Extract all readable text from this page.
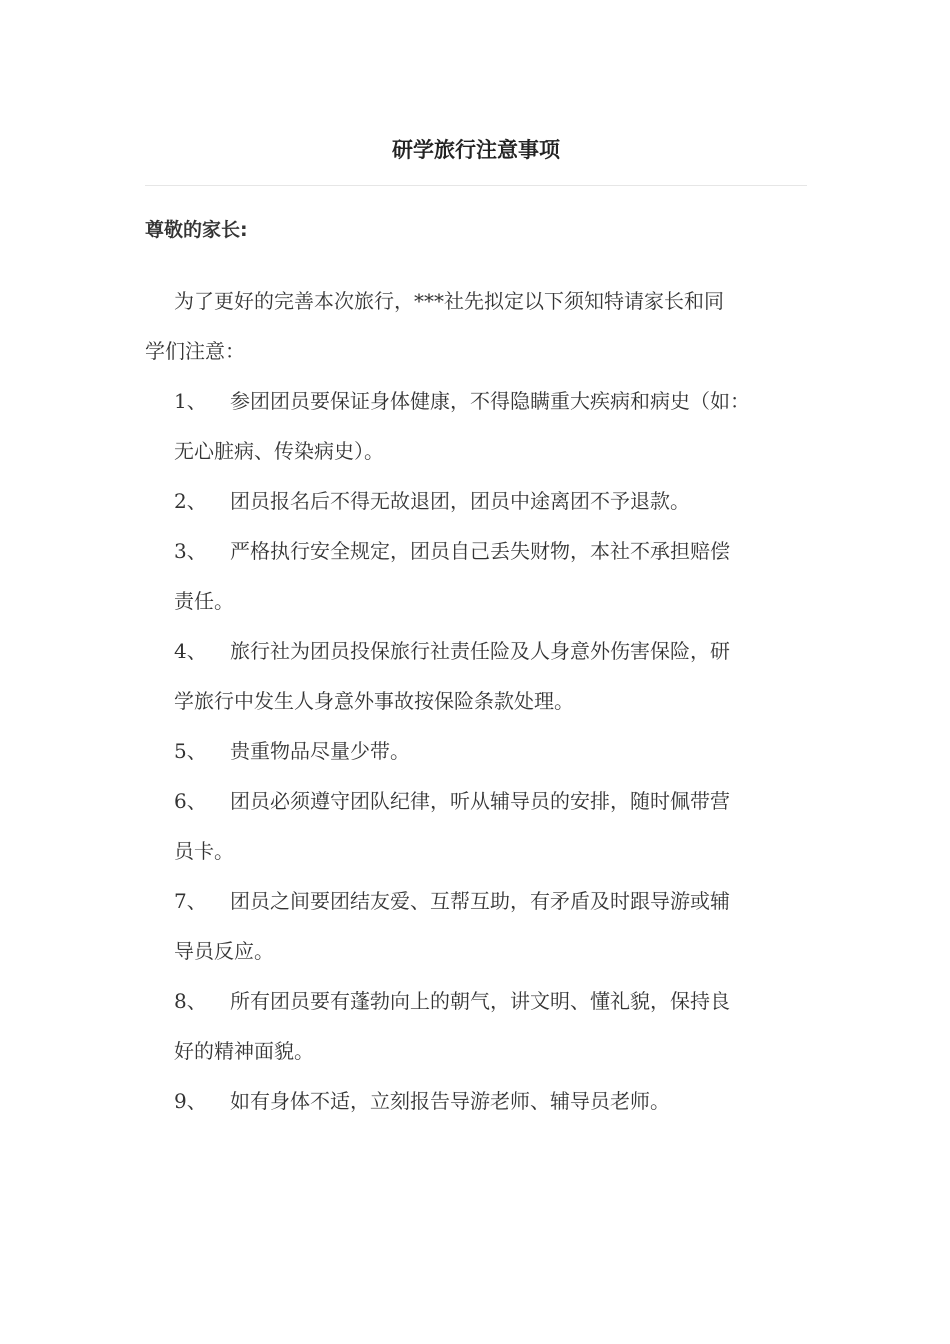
研学旅行注意事项
尊敬的家长:

为了更好的完善本次旅行，***社先拟定以下须知特请家长和同
学们注意：

1、 参团团员要保证身体健康，不得隐瞒重大疾病和病史（如：
无心脏病、传染病史）。
2、 团员报名后不得无故退团，团员中途离团不予退款。
3、 严格执行安全规定，团员自己丢失财物，本社不承担赔偿
责任。
4、 旅行社为团员投保旅行社责任险及人身意外伤害保险，研
学旅行中发生人身意外事故按保险条款处理。
5、 贵重物品尽量少带。
6、 团员必须遵守团队纪律，听从辅导员的安排，随时佩带营
员卡。
7、 团员之间要团结友爱、互帮互助，有矛盾及时跟导游或辅
导员反应。
8、 所有团员要有蓬勃向上的朝气，讲文明、懂礼貌，保持良
好的精神面貌。
9、 如有身体不适，立刻报告导游老师、辅导员老师。
